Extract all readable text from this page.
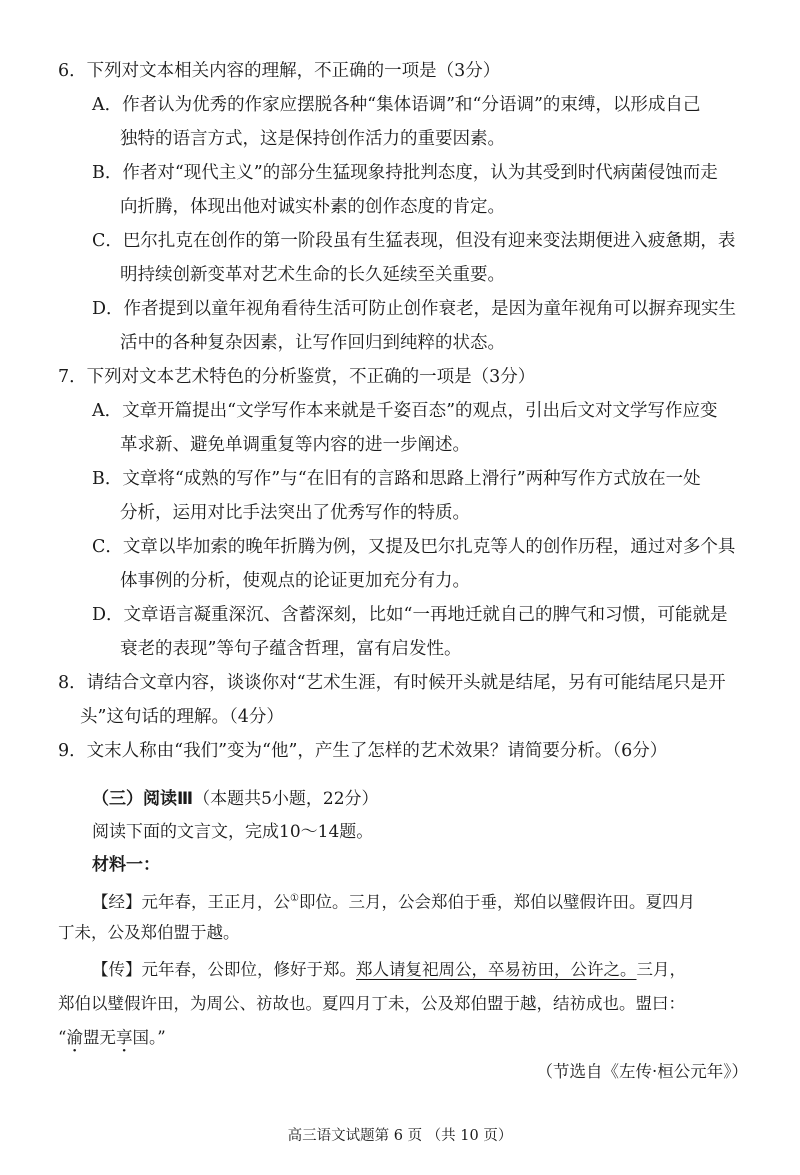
6．下列对文本相关内容的理解，不正确的一项是（3分）
A．作者认为优秀的作家应摆脱各种“集体语调”和“分语调”的束缚，以形成自己
独特的语言方式，这是保持创作活力的重要因素。
B．作者对“现代主义”的部分生猛现象持批判态度，认为其受到时代病菌侵蚀而走
向折腾，体现出他对诚实朴素的创作态度的肯定。
C．巴尔扎克在创作的第一阶段虽有生猛表现，但没有迎来变法期便进入疲惫期，表
明持续创新变革对艺术生命的长久延续至关重要。
D．作者提到以童年视角看待生活可防止创作衰老，是因为童年视角可以摒弃现实生
活中的各种复杂因素，让写作回归到纯粹的状态。
7．下列对文本艺术特色的分析鉴赏，不正确的一项是（3分）
A．文章开篇提出“文学写作本来就是千姿百态”的观点，引出后文对文学写作应变
革求新、避免单调重复等内容的进一步阐述。
B．文章将“成熟的写作”与“在旧有的言路和思路上滑行”两种写作方式放在一处
分析，运用对比手法突出了优秀写作的特质。
C．文章以毕加索的晚年折腾为例，又提及巴尔扎克等人的创作历程，通过对多个具
体事例的分析，使观点的论证更加充分有力。
D．文章语言凝重深沉、含蓄深刻，比如“一再地迁就自己的脾气和习惯，可能就是
衰老的表现”等句子蕴含哲理，富有启发性。
8．请结合文章内容，谈谈你对“艺术生涯，有时候开头就是结尾，另有可能结尾只是开
头”这句话的理解。（4分）
9．文末人称由“我们”变为“他”，产生了怎样的艺术效果？请简要分析。（6分）
（三）阅读Ⅲ（本题共5小题，22分）
阅读下面的文言文，完成10～14题。
材料一：
【经】元年春，王正月，公①即位。三月，公会郑伯于垂，郑伯以璧假许田。夏四月
丁未，公及郑伯盟于越。
【传】元年春，公即位，修好于郑。郑人请复祀周公，卒易祊田，公许之。三月，
郑伯以璧假许田，为周公、祊故也。夏四月丁未，公及郑伯盟于越，结祊成也。盟曰：
“渝盟无享国。”
（节选自《左传·桓公元年》）
高三语文试题第 6 页 （共 10 页）
